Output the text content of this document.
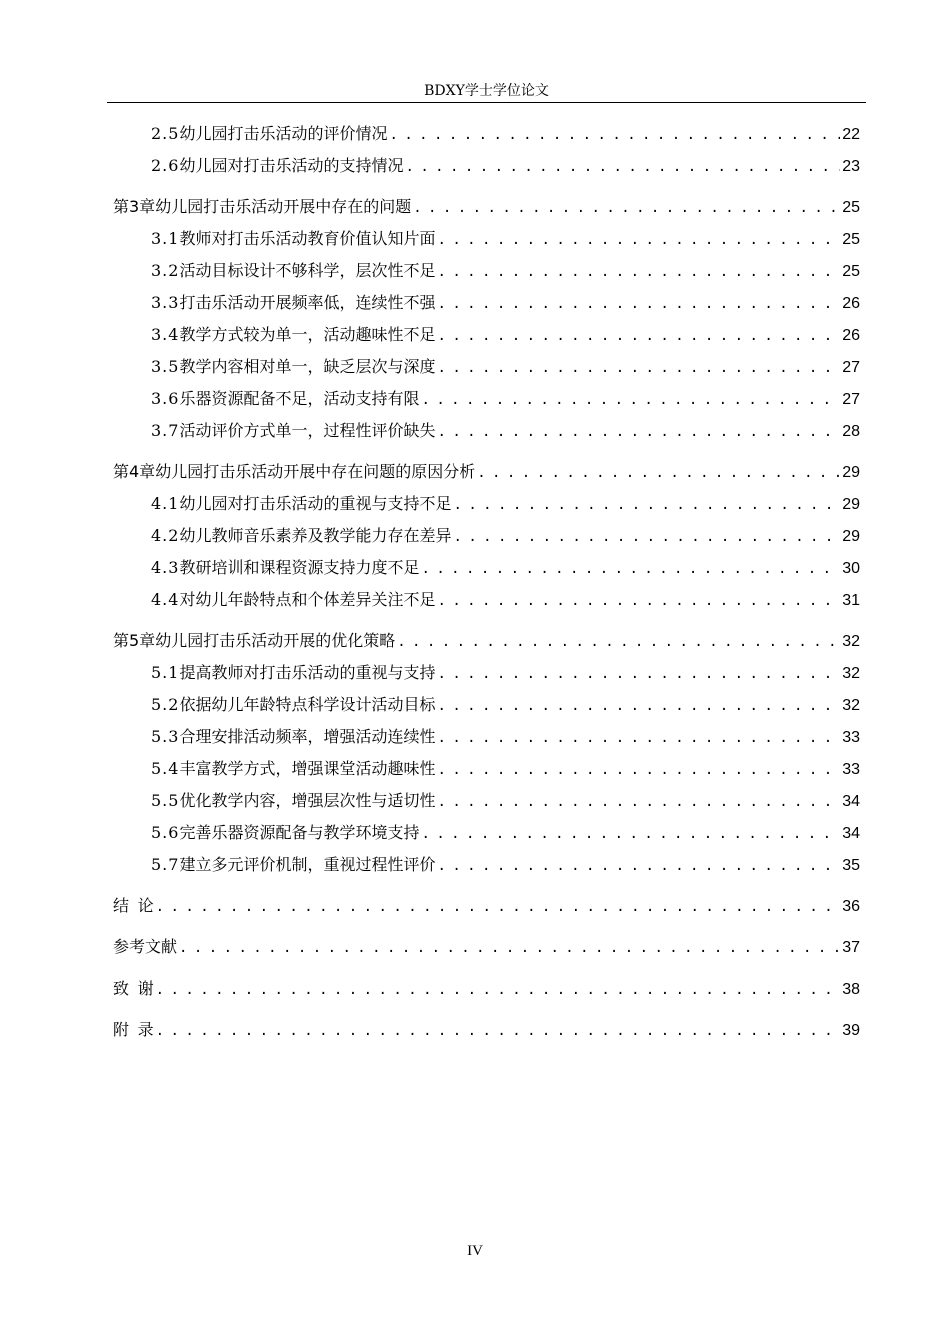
BDXY学士学位论文
2.5 幼儿园打击乐活动的评价情况 . . .	22
2.6 幼儿园对打击乐活动的支持情况 . . .	23
第3章 幼儿园打击乐活动开展中存在的问题 . . .	25
3.1 教师对打击乐活动教育价值认知片面 . . .	25
3.2 活动目标设计不够科学，层次性不足 . . .	25
3.3 打击乐活动开展频率低，连续性不强 . . .	26
3.4 教学方式较为单一，活动趣味性不足 . . .	26
3.5 教学内容相对单一，缺乏层次与深度 . . .	27
3.6 乐器资源配备不足，活动支持有限 . . .	27
3.7 活动评价方式单一，过程性评价缺失 . . .	28
第4章 幼儿园打击乐活动开展中存在问题的原因分析 . . .	29
4.1 幼儿园对打击乐活动的重视与支持不足 . . .	29
4.2 幼儿教师音乐素养及教学能力存在差异 . . .	29
4.3 教研培训和课程资源支持力度不足 . . .	30
4.4 对幼儿年龄特点和个体差异关注不足 . . .	31
第5章 幼儿园打击乐活动开展的优化策略 . . .	32
5.1 提高教师对打击乐活动的重视与支持 . . .	32
5.2 依据幼儿年龄特点科学设计活动目标 . . .	32
5.3 合理安排活动频率，增强活动连续性 . . .	33
5.4 丰富教学方式，增强课堂活动趣味性 . . .	33
5.5 优化教学内容，增强层次性与适切性 . . .	34
5.6 完善乐器资源配备与教学环境支持 . . .	34
5.7 建立多元评价机制，重视过程性评价 . . .	35
结 论 . . .	36
参考文献 . . .	37
致 谢 . . .	38
附 录 . . .	39
IV
